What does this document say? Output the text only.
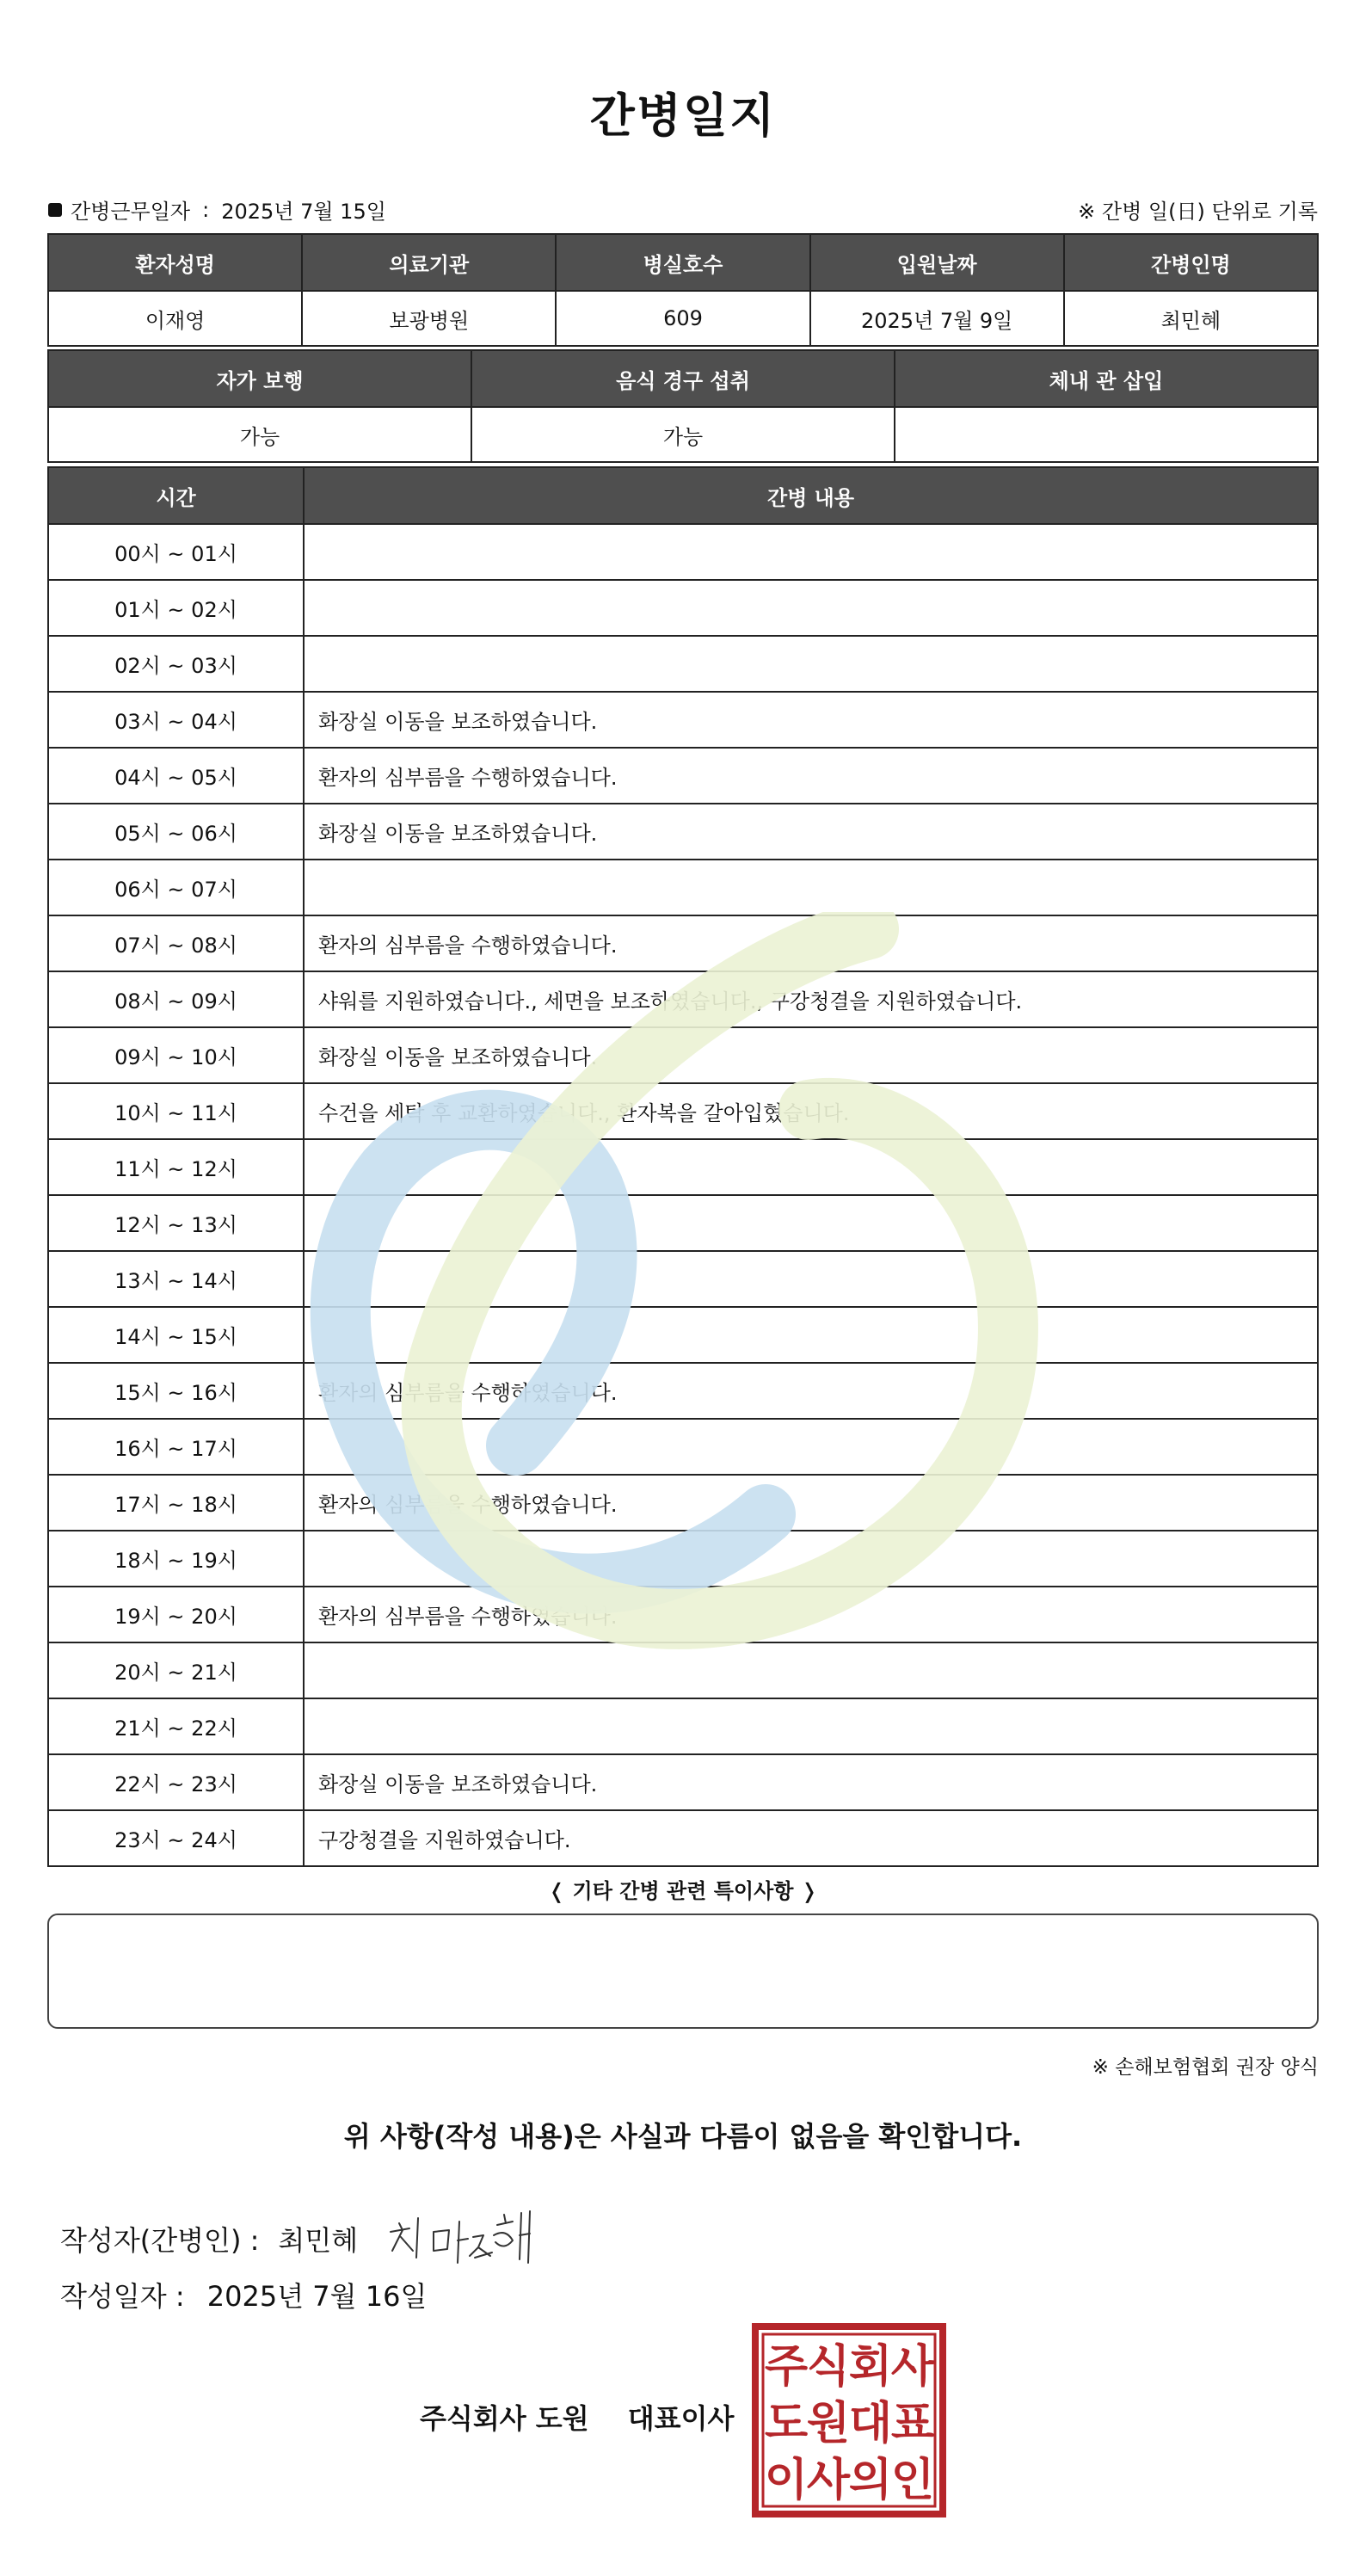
간병일지
간병근무일자 : 2025년 7월 15일	※ 간병 일(日) 단위로 기록
환자성명	의료기관	병실호수	입원날짜	간병인명
이재영	보광병원	609	2025년 7월 9일	최민혜
자가 보행	음식 경구 섭취	체내 관 삽입
가능	가능	
시간	간병 내용
00시 ~ 01시	
01시 ~ 02시	
02시 ~ 03시	
03시 ~ 04시	화장실 이동을 보조하였습니다.
04시 ~ 05시	환자의 심부름을 수행하였습니다.
05시 ~ 06시	화장실 이동을 보조하였습니다.
06시 ~ 07시	
07시 ~ 08시	환자의 심부름을 수행하였습니다.
08시 ~ 09시	샤워를 지원하였습니다., 세면을 보조하였습니다., 구강청결을 지원하였습니다.
09시 ~ 10시	화장실 이동을 보조하였습니다.
10시 ~ 11시	수건을 세탁 후 교환하였습니다., 환자복을 갈아입혔습니다.
11시 ~ 12시	
12시 ~ 13시	
13시 ~ 14시	
14시 ~ 15시	
15시 ~ 16시	환자의 심부름을 수행하였습니다.
16시 ~ 17시	
17시 ~ 18시	환자의 심부름을 수행하였습니다.
18시 ~ 19시	
19시 ~ 20시	환자의 심부름을 수행하였습니다.
20시 ~ 21시	
21시 ~ 22시	
22시 ~ 23시	화장실 이동을 보조하였습니다.
23시 ~ 24시	구강청결을 지원하였습니다.
❬ 기타 간병 관련 특이사항 ❭
※ 손해보험협회 권장 양식
위 사항(작성 내용)은 사실과 다름이 없음을 확인합니다.
작성자(간병인) : 최민혜
작성일자 : 2025년 7월 16일
주식회사 도원 대표이사
주
식
회
사
도
원
대
표
이
사
의
인
